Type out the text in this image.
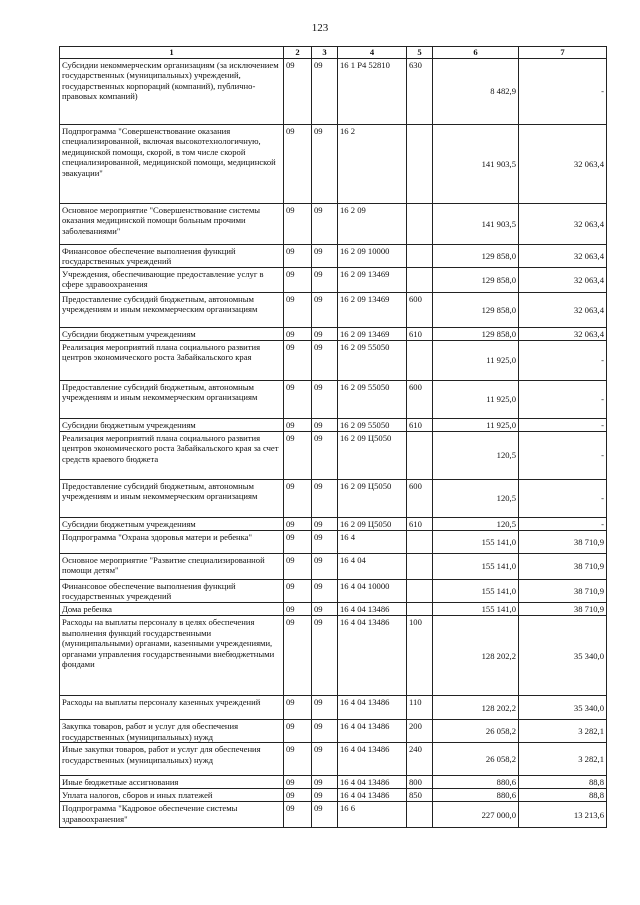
123
1	2	3	4	5	6	7
Субсидии некоммерческим организациям (за исключением государственных (муниципальных) учреждений, государственных корпораций (компаний), публично-правовых компаний)	09	09	16 1 Р4 52810	630	8 482,9	-
Подпрограмма "Совершенствование оказания специализированной, включая высокотехнологичную, медицинской помощи, скорой, в том числе скорой специализированной, медицинской помощи, медицинской эвакуации"	09	09	16 2		141 903,5	32 063,4
Основное мероприятие "Совершенствование системы оказания медицинской помощи больным прочими заболеваниями"	09	09	16 2 09		141 903,5	32 063,4
Финансовое обеспечение выполнения функций государственных учреждений	09	09	16 2 09 10000		129 858,0	32 063,4
Учреждения, обеспечивающие предоставление услуг в сфере здравоохранения	09	09	16 2 09 13469		129 858,0	32 063,4
Предоставление субсидий бюджетным, автономным учреждениям и иным некоммерческим организациям	09	09	16 2 09 13469	600	129 858,0	32 063,4
Субсидии бюджетным учреждениям	09	09	16 2 09 13469	610	129 858,0	32 063,4
Реализация мероприятий плана социального развития центров экономического роста Забайкальского края	09	09	16 2 09 55050		11 925,0	-
Предоставление субсидий бюджетным, автономным учреждениям и иным некоммерческим организациям	09	09	16 2 09 55050	600	11 925,0	-
Субсидии бюджетным учреждениям	09	09	16 2 09 55050	610	11 925,0	-
Реализация мероприятий плана социального развития центров экономического роста Забайкальского края за счет средств краевого бюджета	09	09	16 2 09 Ц5050		120,5	-
Предоставление субсидий бюджетным, автономным учреждениям и иным некоммерческим организациям	09	09	16 2 09 Ц5050	600	120,5	-
Субсидии бюджетным учреждениям	09	09	16 2 09 Ц5050	610	120,5	-
Подпрограмма "Охрана здоровья матери и ребенка"	09	09	16 4		155 141,0	38 710,9
Основное мероприятие "Развитие специализированной помощи детям"	09	09	16 4 04		155 141,0	38 710,9
Финансовое обеспечение выполнения функций государственных учреждений	09	09	16 4 04 10000		155 141,0	38 710,9
Дома ребенка	09	09	16 4 04 13486		155 141,0	38 710,9
Расходы на выплаты персоналу в целях обеспечения выполнения функций государственными (муниципальными) органами, казенными учреждениями, органами управления государственными внебюджетными фондами	09	09	16 4 04 13486	100	128 202,2	35 340,0
Расходы на выплаты персоналу казенных учреждений	09	09	16 4 04 13486	110	128 202,2	35 340,0
Закупка товаров, работ и услуг для обеспечения государственных (муниципальных) нужд	09	09	16 4 04 13486	200	26 058,2	3 282,1
Иные закупки товаров, работ и услуг для обеспечения государственных (муниципальных) нужд	09	09	16 4 04 13486	240	26 058,2	3 282,1
Иные бюджетные ассигнования	09	09	16 4 04 13486	800	880,6	88,8
Уплата налогов, сборов и иных платежей	09	09	16 4 04 13486	850	880,6	88,8
Подпрограмма "Кадровое обеспечение системы здравоохранения"	09	09	16 6		227 000,0	13 213,6
